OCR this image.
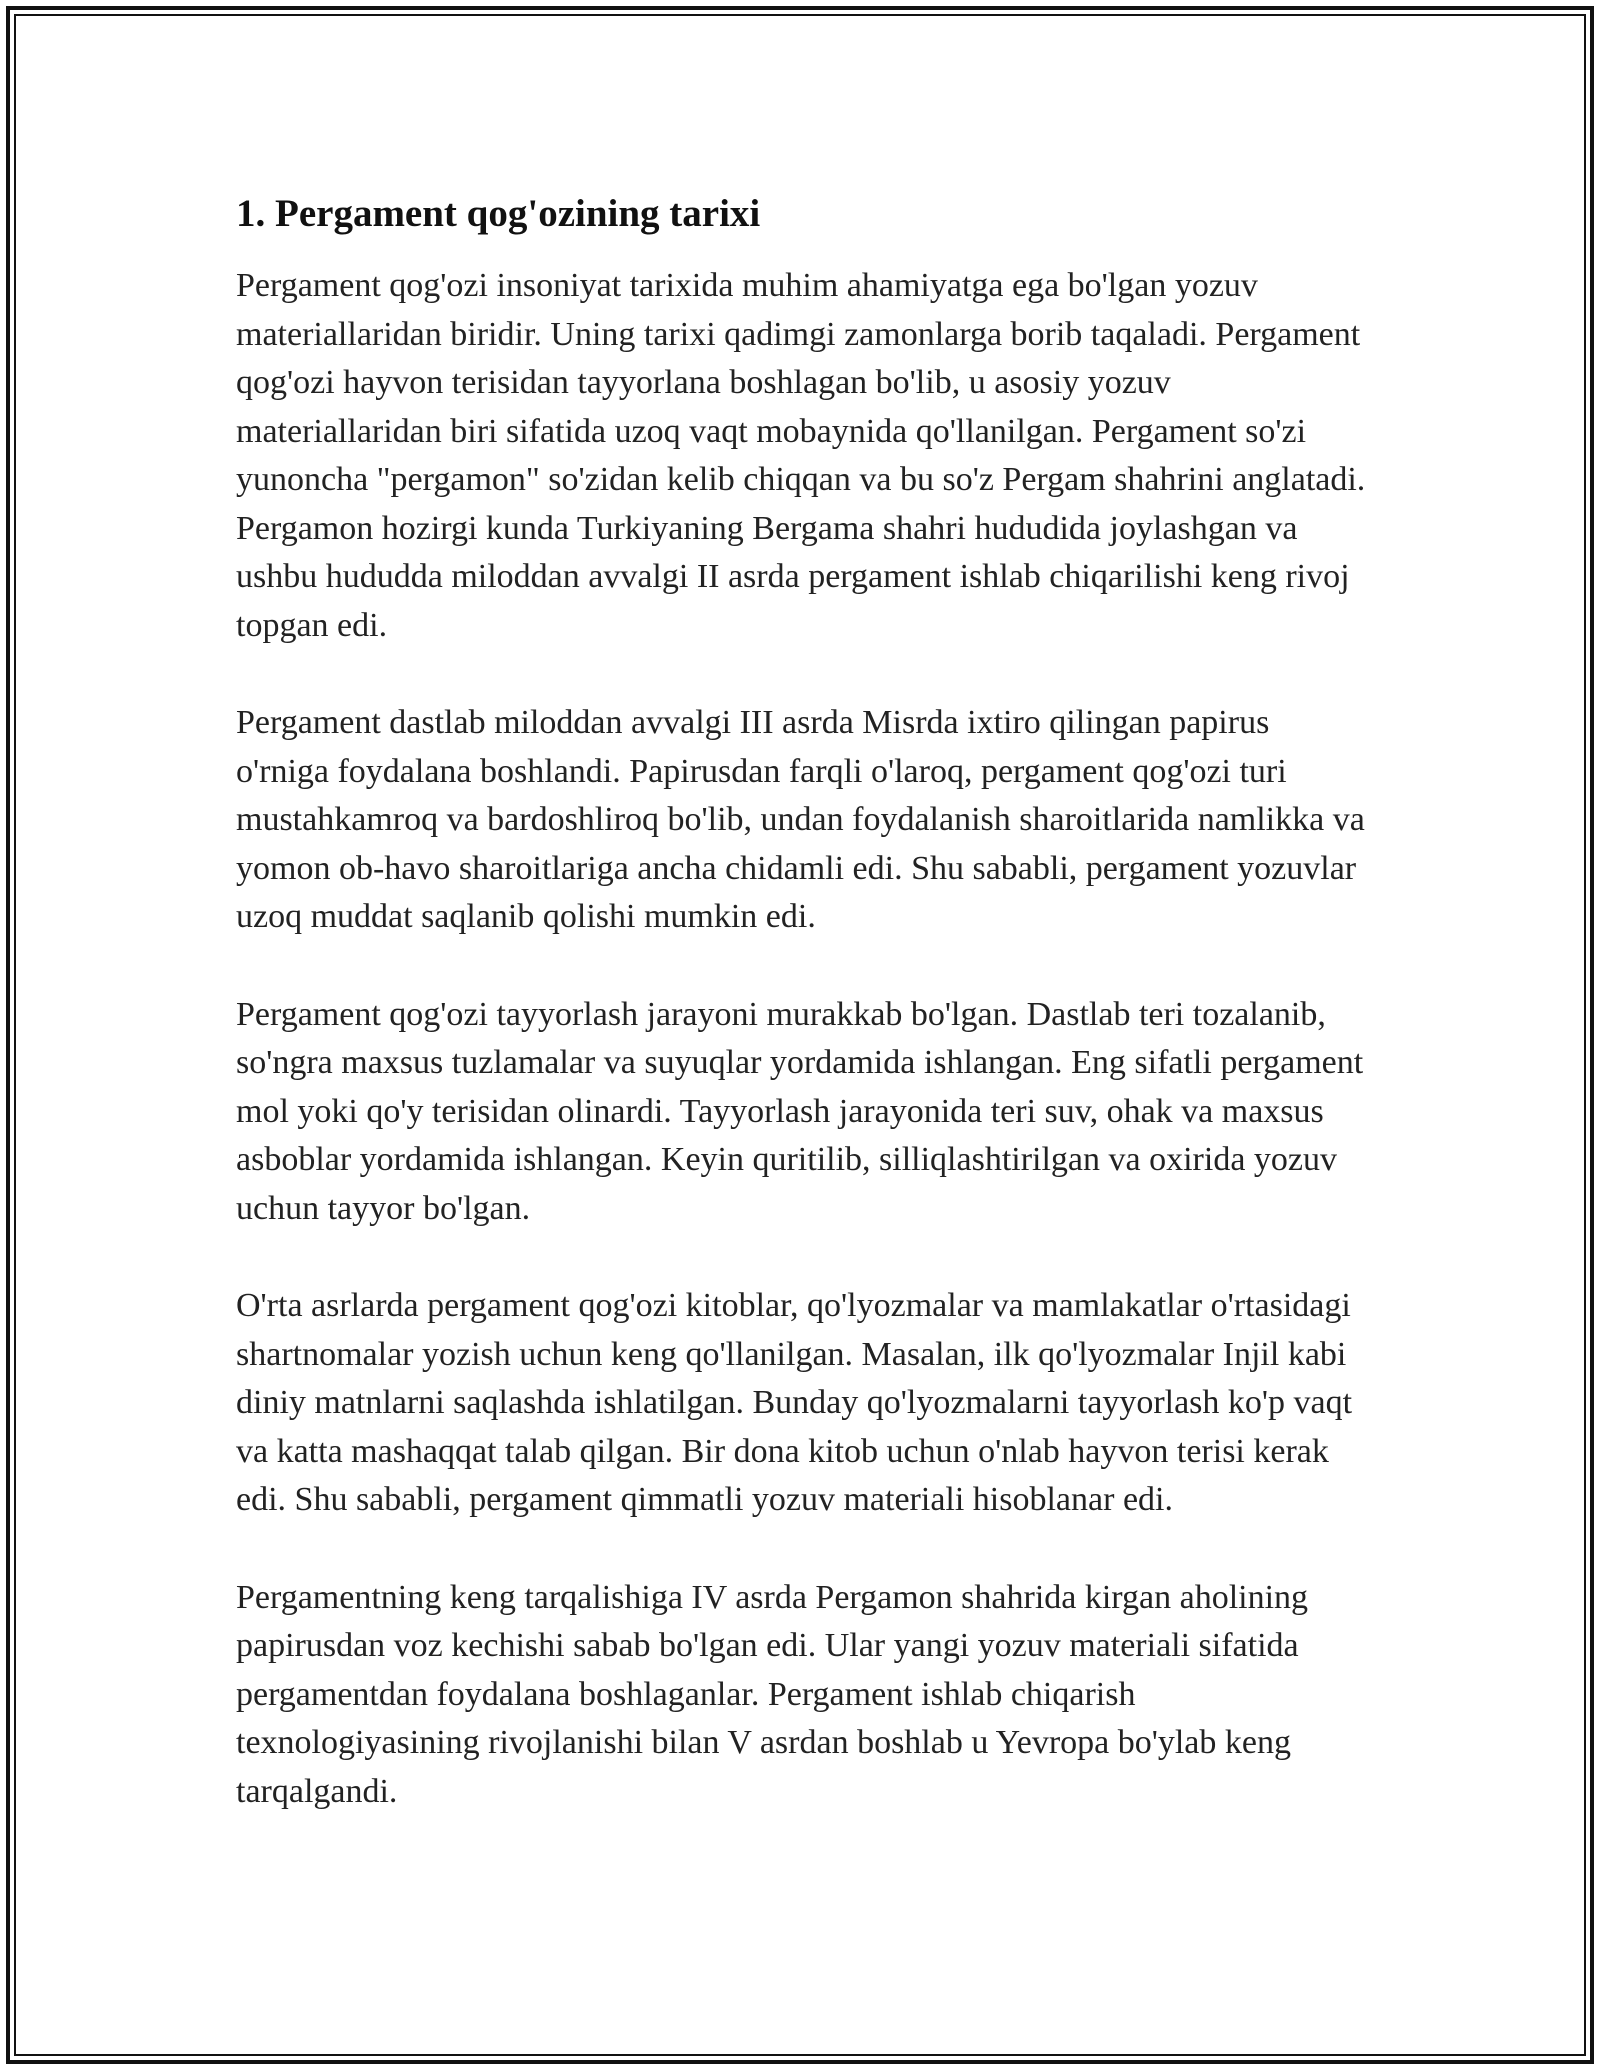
1. Pergament qog'ozining tarixi

Pergament qog'ozi insoniyat tarixida muhim ahamiyatga ega bo'lgan yozuv materiallaridan biridir. Uning tarixi qadimgi zamonlarga borib taqaladi. Pergament qog'ozi hayvon terisidan tayyorlana boshlagan bo'lib, u asosiy yozuv materiallaridan biri sifatida uzoq vaqt mobaynida qo'llanilgan. Pergament so'zi yunoncha "pergamon" so'zidan kelib chiqqan va bu so'z Pergam shahrini anglatadi. Pergamon hozirgi kunda Turkiyaning Bergama shahri hududida joylashgan va ushbu hududda miloddan avvalgi II asrda pergament ishlab chiqarilishi keng rivoj topgan edi.

Pergament dastlab miloddan avvalgi III asrda Misrda ixtiro qilingan papirus o'rniga foydalana boshlandi. Papirusdan farqli o'laroq, pergament qog'ozi turi mustahkamroq va bardoshliroq bo'lib, undan foydalanish sharoitlarida namlikka va yomon ob-havo sharoitlariga ancha chidamli edi. Shu sababli, pergament yozuvlar uzoq muddat saqlanib qolishi mumkin edi.

Pergament qog'ozi tayyorlash jarayoni murakkab bo'lgan. Dastlab teri tozalanib, so'ngra maxsus tuzlamalar va suyuqlar yordamida ishlangan. Eng sifatli pergament mol yoki qo'y terisidan olinardi. Tayyorlash jarayonida teri suv, ohak va maxsus asboblar yordamida ishlangan. Keyin quritilib, silliqlashtirilgan va oxirida yozuv uchun tayyor bo'lgan.

O'rta asrlarda pergament qog'ozi kitoblar, qo'lyozmalar va mamlakatlar o'rtasidagi shartnomalar yozish uchun keng qo'llanilgan. Masalan, ilk qo'lyozmalar Injil kabi diniy matnlarni saqlashda ishlatilgan. Bunday qo'lyozmalarni tayyorlash ko'p vaqt va katta mashaqqat talab qilgan. Bir dona kitob uchun o'nlab hayvon terisi kerak edi. Shu sababli, pergament qimmatli yozuv materiali hisoblanar edi.

Pergamentning keng tarqalishiga IV asrda Pergamon shahrida kirgan aholining papirusdan voz kechishi sabab bo'lgan edi. Ular yangi yozuv materiali sifatida pergamentdan foydalana boshlaganlar. Pergament ishlab chiqarish texnologiyasining rivojlanishi bilan V asrdan boshlab u Yevropa bo'ylab keng tarqalgandi.
